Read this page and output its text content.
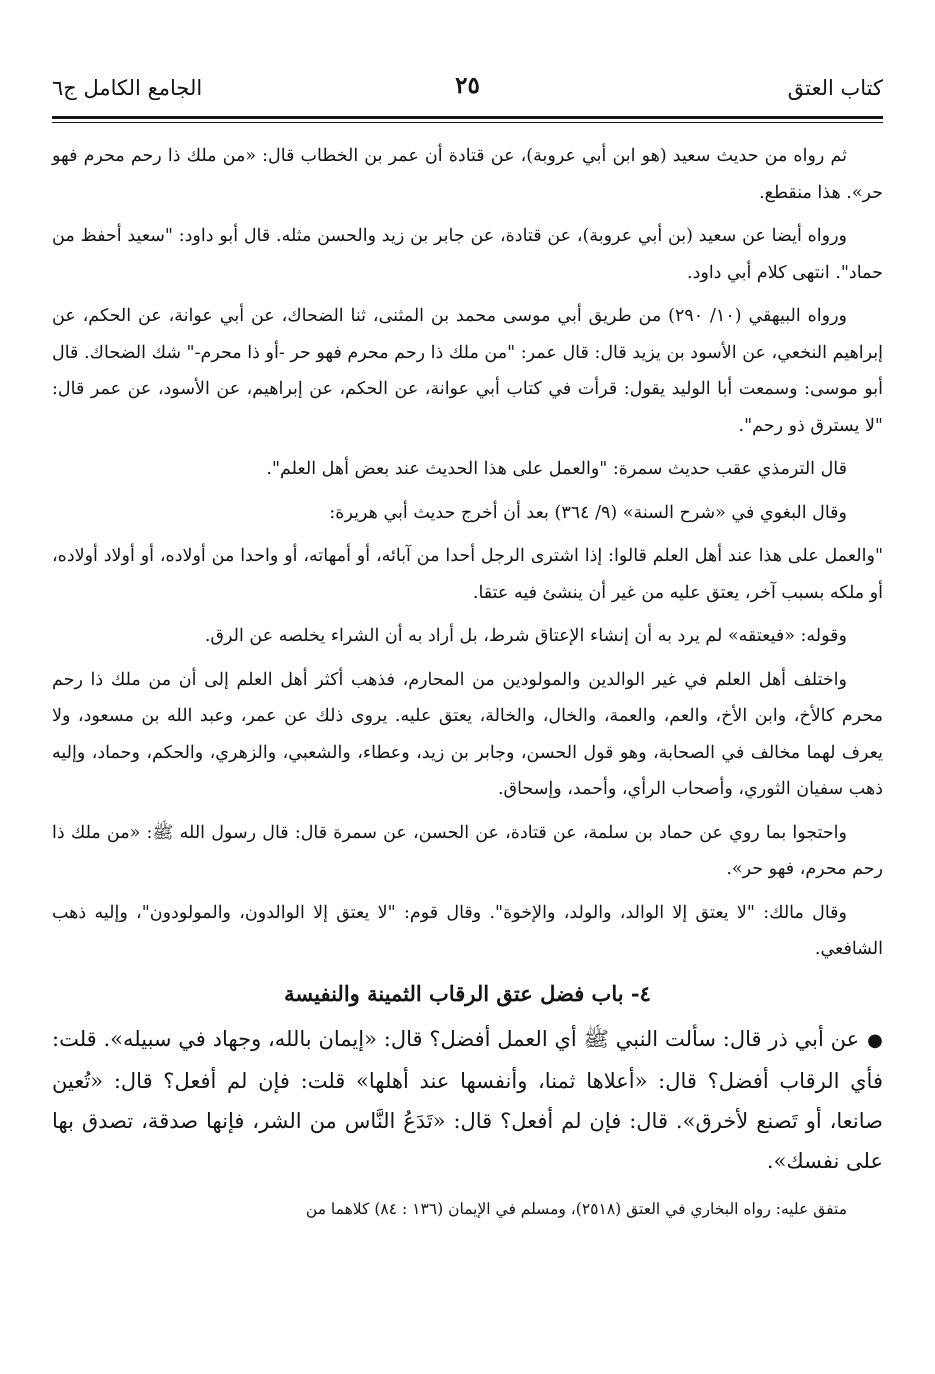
الجامع الكامل ج٦	٢٥	كتاب العتق

ثم رواه من حديث سعيد (هو ابن أبي عروبة)، عن قتادة أن عمر بن الخطاب قال: «من ملك ذا رحم محرم فهو حر». هذا منقطع.

ورواه أيضا عن سعيد (بن أبي عروبة)، عن قتادة، عن جابر بن زيد والحسن مثله. قال أبو داود: "سعيد أحفظ من حماد". انتهى كلام أبي داود.

ورواه البيهقي (١٠/ ٢٩٠) من طريق أبي موسى محمد بن المثنى، ثنا الضحاك، عن أبي عوانة، عن الحكم، عن إبراهيم النخعي، عن الأسود بن يزيد قال: قال عمر: "من ملك ذا رحم محرم فهو حر -أو ذا محرم-" شك الضحاك. قال أبو موسى: وسمعت أبا الوليد يقول: قرأت في كتاب أبي عوانة، عن الحكم، عن إبراهيم، عن الأسود، عن عمر قال: "لا يسترق ذو رحم".

قال الترمذي عقب حديث سمرة: "والعمل على هذا الحديث عند بعض أهل العلم".

وقال البغوي في «شرح السنة» (٩/ ٣٦٤) بعد أن أخرج حديث أبي هريرة:

"والعمل على هذا عند أهل العلم قالوا: إذا اشترى الرجل أحدا من آبائه، أو أمهاته، أو واحدا من أولاده، أو أولاد أولاده، أو ملكه بسبب آخر، يعتق عليه من غير أن ينشئ فيه عتقا.

وقوله: «فيعتقه» لم يرد به أن إنشاء الإعتاق شرط، بل أراد به أن الشراء يخلصه عن الرق.

واختلف أهل العلم في غير الوالدين والمولودين من المحارم، فذهب أكثر أهل العلم إلى أن من ملك ذا رحم محرم كالأخ، وابن الأخ، والعم، والعمة، والخال، والخالة، يعتق عليه. يروى ذلك عن عمر، وعبد الله بن مسعود، ولا يعرف لهما مخالف في الصحابة، وهو قول الحسن، وجابر بن زيد، وعطاء، والشعبي، والزهري، والحكم، وحماد، وإليه ذهب سفيان الثوري، وأصحاب الرأي، وأحمد، وإسحاق.

واحتجوا بما روي عن حماد بن سلمة، عن قتادة، عن الحسن، عن سمرة قال: قال رسول الله ﷺ: «من ملك ذا رحم محرم، فهو حر».

وقال مالك: "لا يعتق إلا الوالد، والولد، والإخوة". وقال قوم: "لا يعتق إلا الوالدون، والمولودون"، وإليه ذهب الشافعي.

٤- باب فضل عتق الرقاب الثمينة والنفيسة

●عن أبي ذر قال: سألت النبي ﷺ أي العمل أفضل؟ قال: «إيمان بالله، وجهاد في سبيله». قلت: فأي الرقاب أفضل؟ قال: «أعلاها ثمنا، وأنفسها عند أهلها» قلت: فإن لم أفعل؟ قال: «تُعين صانعا، أو تَصنع لأخرق». قال: فإن لم أفعل؟ قال: «تَدَعُ النَّاس من الشر، فإنها صدقة، تصدق بها على نفسك».

متفق عليه: رواه البخاري في العتق (٢٥١٨)، ومسلم في الإيمان (١٣٦ : ٨٤) كلاهما من
